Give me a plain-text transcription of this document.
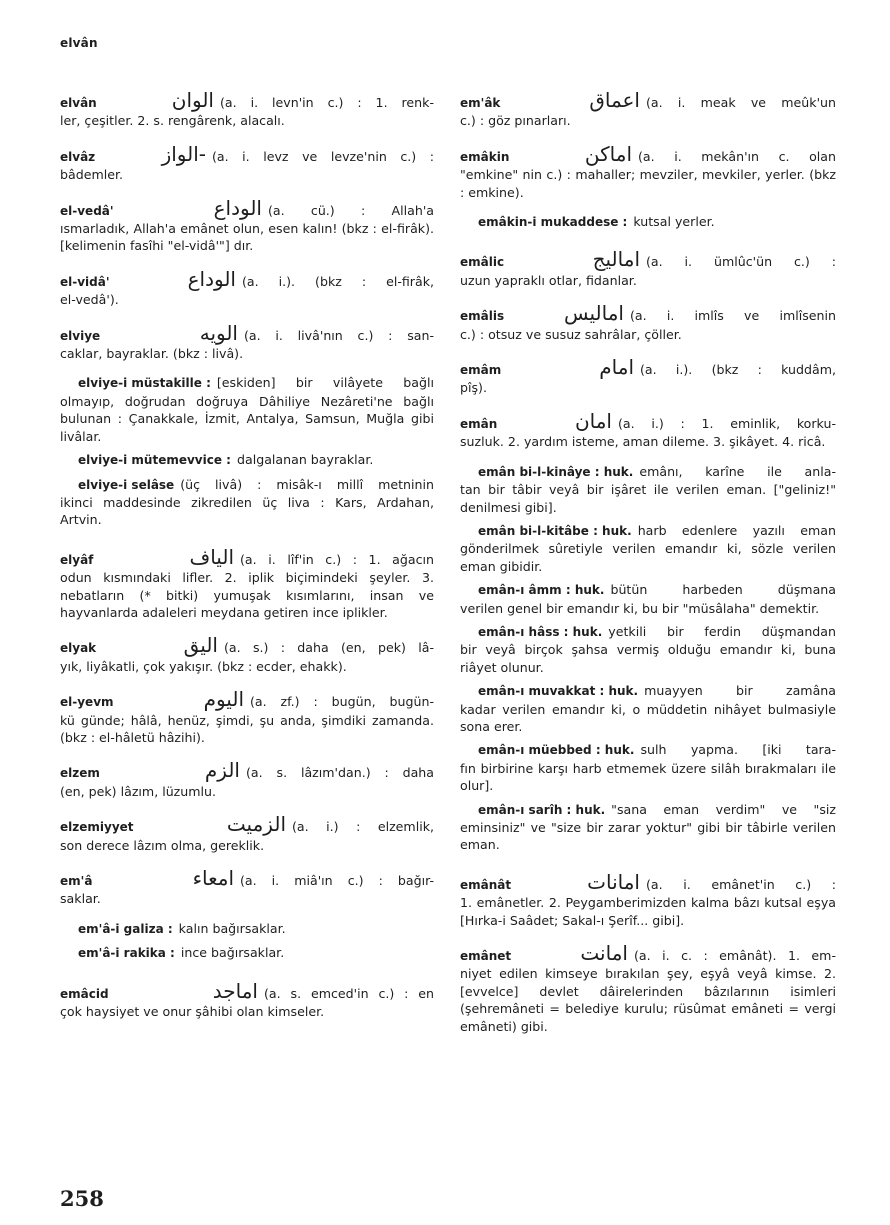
elvân
elvân	الوان (a. i. levn'in c.) : 1. renk-
ler, çeşitler. 2. s. rengârenk, alacalı.
elvâz	-الواز (a. i. levz ve levze'nin c.) :
bâdemler.
el-vedâ'	الوداع (a. cü.) : Allah'a
ısmarladık, Allah'a emânet olun, esen kalın! (bkz : el-firâk). [kelimenin fasîhi "el-vidâ'"] dır.
el-vidâ'	الوداع (a. i.). (bkz : el-firâk,
el-vedâ').
elviye	الويه (a. i. livâ'nın c.) : san-
caklar, bayraklar. (bkz : livâ).
elviye-i müstakille : [eskiden] bir vilâyete bağlı
olmayıp, doğrudan doğruya Dâhiliye Nezâreti'ne bağlı bulunan : Çanakkale, İzmit, Antalya, Samsun, Muğla gibi livâlar.
elviye-i mütemevvice : dalgalanan bayraklar.
elviye-i selâse (üç livâ) : misâk-ı millî metninin
ikinci maddesinde zikredilen üç liva : Kars, Ardahan, Artvin.
elyâf	الياف (a. i. lîf'in c.) : 1. ağacın
odun kısmındaki lifler. 2. iplik biçimindeki şeyler. 3. nebatların (* bitki) yumuşak kısımlarını, insan ve hayvanlarda adaleleri meydana getiren ince iplikler.
elyak	اليق (a. s.) : daha (en, pek) lâ-
yık, liyâkatli, çok yakışır. (bkz : ecder, ehakk).
el-yevm	اليوم (a. zf.) : bugün, bugün-
kü günde; hâlâ, henüz, şimdi, şu anda, şimdiki zamanda. (bkz : el-hâletü hâzihi).
elzem	الزم (a. s. lâzım'dan.) : daha
(en, pek) lâzım, lüzumlu.
elzemiyyet	الزميت (a. i.) : elzemlik,
son derece lâzım olma, gereklik.
em'â	امعاء (a. i. miâ'ın c.) : bağır-
saklar.
em'â-i galiza : kalın bağırsaklar.
em'â-i rakika : ince bağırsaklar.
emâcid	اماجد (a. s. emced'in c.) : en
çok haysiyet ve onur şâhibi olan kimseler.
em'âk	اعماق (a. i. meak ve meûk'un
c.) : göz pınarları.
emâkin	اماكن (a. i. mekân'ın c. olan
"emkine" nin c.) : mahaller; mevziler, mevkiler, yerler. (bkz : emkine).
emâkin-i mukaddese : kutsal yerler.
emâlic	امالیج (a. i. ümlûc'ün c.) :
uzun yapraklı otlar, fidanlar.
emâlis	امالیس (a. i. imlîs ve imlîsenin
c.) : otsuz ve susuz sahrâlar, çöller.
emâm	امام (a. i.). (bkz : kuddâm,
pîş).
emân	امان (a. i.) : 1. eminlik, korku-
suzluk. 2. yardım isteme, aman dileme. 3. şikâyet. 4. ricâ.
emân bi-l-kinâye : huk. emânı, karîne ile anla-
tan bir tâbir veyâ bir işâret ile verilen eman. ["geliniz!" denilmesi gibi].
emân bi-l-kitâbe : huk. harb edenlere yazılı eman
gönderilmek sûretiyle verilen emandır ki, sözle verilen eman gibidir.
emân-ı âmm : huk. bütün harbeden düşmana
verilen genel bir emandır ki, bu bir "müsâlaha" demektir.
emân-ı hâss : huk. yetkili bir ferdin düşmandan
bir veyâ birçok şahsa vermiş olduğu emandır ki, buna riâyet olunur.
emân-ı muvakkat : huk. muayyen bir zamâna
kadar verilen emandır ki, o müddetin nihâyet bulmasiyle sona erer.
emân-ı müebbed : huk. sulh yapma. [iki tara-
fın birbirine karşı harb etmemek üzere silâh bırakmaları ile olur].
emân-ı sarîh : huk. "sana eman verdim" ve "siz
eminsiniz" ve "size bir zarar yoktur" gibi bir tâbirle verilen eman.
emânât	امانات (a. i. emânet'in c.) :
1. emânetler. 2. Peygamberimizden kalma bâzı kutsal eşya [Hırka-i Saâdet; Sakal-ı Şerîf... gibi].
emânet	امانت (a. i. c. : emânât). 1. em-
niyet edilen kimseye bırakılan şey, eşyâ veyâ kimse. 2. [evvelce] devlet dâirelerinden bâzılarının isimleri (şehremâneti = belediye kurulu; rüsûmat emâneti = vergi emâneti) gibi.
258
